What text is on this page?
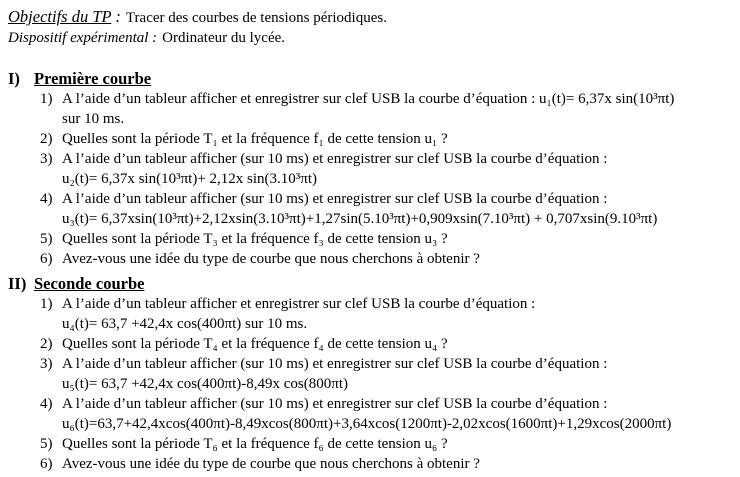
Objectifs du TP : Tracer des courbes de tensions périodiques.
Dispositif expérimental : Ordinateur du lycée.
I) Première courbe
1) A l’aide d’un tableur afficher et enregistrer sur clef USB la courbe d’équation : u₁(t)= 6,37x sin(10³πt)
sur 10 ms.
2) Quelles sont la période T₁ et la fréquence f₁ de cette tension u₁ ?
3) A l’aide d’un tableur afficher (sur 10 ms) et enregistrer sur clef USB la courbe d’équation :
u₂(t)= 6,37x sin(10³πt)+ 2,12x sin(3.10³πt)
4) A l’aide d’un tableur afficher (sur 10 ms) et enregistrer sur clef USB la courbe d’équation :
u₃(t)= 6,37xsin(10³πt)+2,12xsin(3.10³πt)+1,27sin(5.10³πt)+0,909xsin(7.10³πt) + 0,707xsin(9.10³πt)
5) Quelles sont la période T₃ et la fréquence f₃ de cette tension u₃ ?
6) Avez-vous une idée du type de courbe que nous cherchons à obtenir ?
II) Seconde courbe
1) A l’aide d’un tableur afficher et enregistrer sur clef USB la courbe d’équation :
u₄(t)= 63,7 +42,4x cos(400πt) sur 10 ms.
2) Quelles sont la période T₄ et la fréquence f₄ de cette tension u₄ ?
3) A l’aide d’un tableur afficher (sur 10 ms) et enregistrer sur clef USB la courbe d’équation :
u₅(t)= 63,7 +42,4x cos(400πt)-8,49x cos(800πt)
4) A l’aide d’un tableur afficher (sur 10 ms) et enregistrer sur clef USB la courbe d’équation :
u₆(t)=63,7+42,4xcos(400πt)-8,49xcos(800πt)+3,64xcos(1200πt)-2,02xcos(1600πt)+1,29xcos(2000πt)
5) Quelles sont la période T₆ et la fréquence f₆ de cette tension u₆ ?
6) Avez-vous une idée du type de courbe que nous cherchons à obtenir ?
